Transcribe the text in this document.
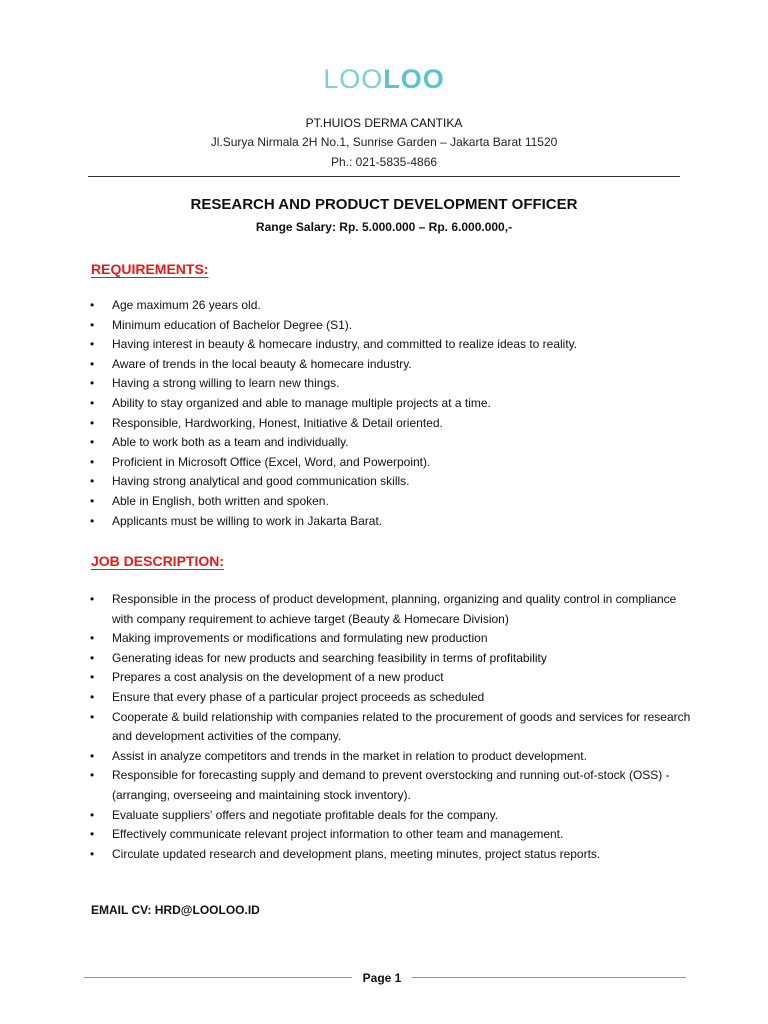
LOOLOO
PT.HUIOS DERMA CANTIKA
Jl.Surya Nirmala 2H No.1, Sunrise Garden – Jakarta Barat 11520
Ph.: 021-5835-4866
RESEARCH AND PRODUCT DEVELOPMENT OFFICER
Range Salary: Rp. 5.000.000 – Rp. 6.000.000,-
REQUIREMENTS:
•	Age maximum 26 years old.
•	Minimum education of Bachelor Degree (S1).
•	Having interest in beauty & homecare industry, and committed to realize ideas to reality.
•	Aware of trends in the local beauty & homecare industry.
•	Having a strong willing to learn new things.
•	Ability to stay organized and able to manage multiple projects at a time.
•	Responsible, Hardworking, Honest, Initiative & Detail oriented.
•	Able to work both as a team and individually.
•	Proficient in Microsoft Office (Excel, Word, and Powerpoint).
•	Having strong analytical and good communication skills.
•	Able in English, both written and spoken.
•	Applicants must be willing to work in Jakarta Barat.
JOB DESCRIPTION:
•	Responsible in the process of product development, planning, organizing and quality control in compliance with company requirement to achieve target (Beauty & Homecare Division)
•	Making improvements or modifications and formulating new production
•	Generating ideas for new products and searching feasibility in terms of profitability
•	Prepares a cost analysis on the development of a new product
•	Ensure that every phase of a particular project proceeds as scheduled
•	Cooperate & build relationship with companies related to the procurement of goods and services for research and development activities of the company.
•	Assist in analyze competitors and trends in the market in relation to product development.
•	Responsible for forecasting supply and demand to prevent overstocking and running out-of-stock (OSS) - (arranging, overseeing and maintaining stock inventory).
•	Evaluate suppliers' offers and negotiate profitable deals for the company.
•	Effectively communicate relevant project information to other team and management.
•	Circulate updated research and development plans, meeting minutes, project status reports.
EMAIL CV: HRD@LOOLOO.ID
Page 1
